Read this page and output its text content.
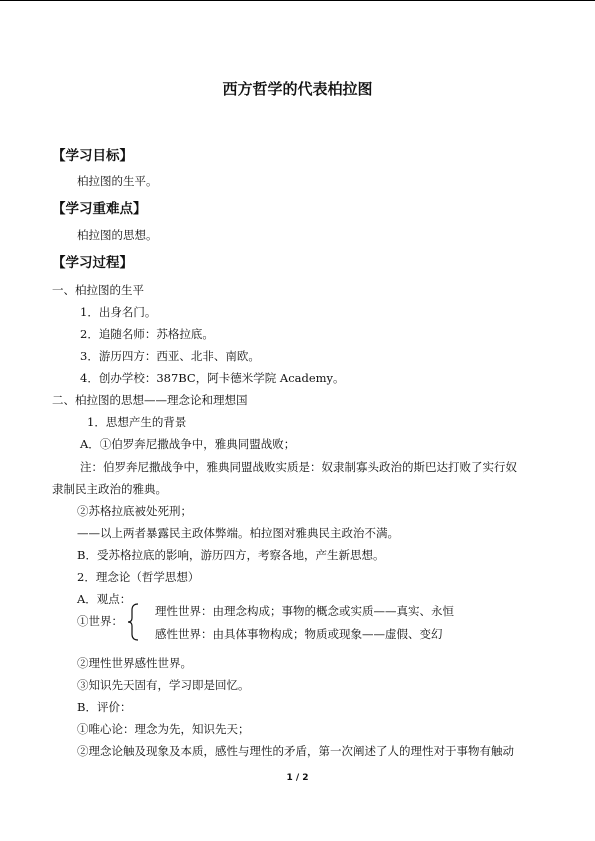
西方哲学的代表柏拉图
【学习目标】
柏拉图的生平。
【学习重难点】
柏拉图的思想。
【学习过程】
一、柏拉图的生平
1．出身名门。
2．追随名师：苏格拉底。
3．游历四方：西亚、北非、南欧。
4．创办学校：387BC，阿卡德米学院 Academy。
二、柏拉图的思想——理念论和理想国
1．思想产生的背景
A．①伯罗奔尼撒战争中，雅典同盟战败；
注：伯罗奔尼撒战争中，雅典同盟战败实质是：奴隶制寡头政治的斯巴达打败了实行奴
隶制民主政治的雅典。
②苏格拉底被处死刑；
——以上两者暴露民主政体弊端。柏拉图对雅典民主政治不满。
B．受苏格拉底的影响，游历四方，考察各地，产生新思想。
2．理念论（哲学思想）
A．观点：
①世界：
理性世界：由理念构成；事物的概念或实质——真实、永恒
感性世界：由具体事物构成；物质或现象——虚假、变幻
②理性世界感性世界。
③知识先天固有，学习即是回忆。
B．评价：
①唯心论：理念为先，知识先天；
②理念论触及现象及本质，感性与理性的矛盾，第一次阐述了人的理性对于事物有触动
1 / 2
